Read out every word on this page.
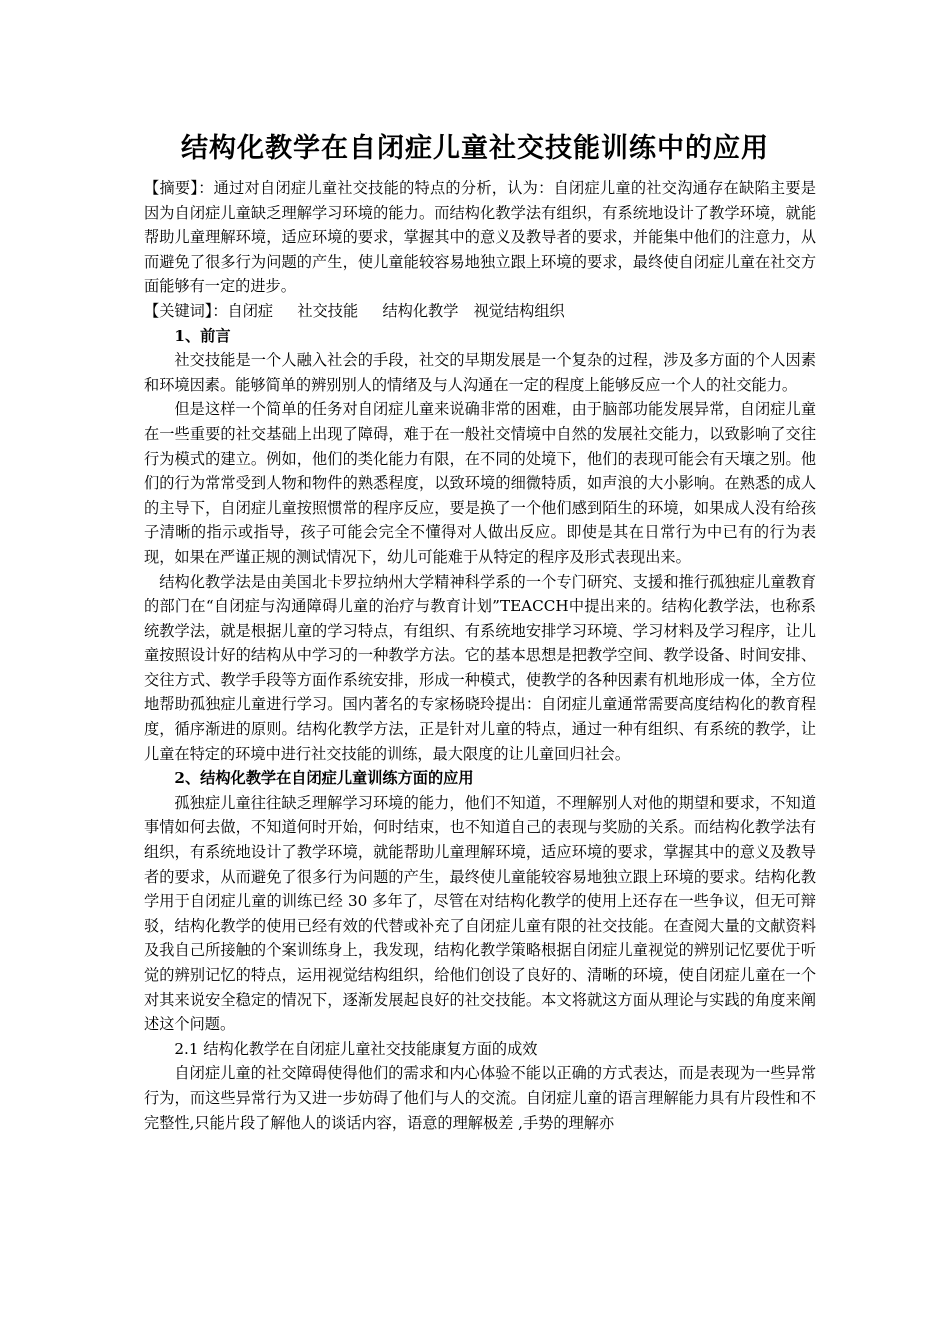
结构化教学在自闭症儿童社交技能训练中的应用

【摘要】：通过对自闭症儿童社交技能的特点的分析，认为：自闭症儿童的社交沟通存在缺陷主要是因为自闭症儿童缺乏理解学习环境的能力。而结构化教学法有组织，有系统地设计了教学环境，就能帮助儿童理解环境，适应环境的要求，掌握其中的意义及教导者的要求，并能集中他们的注意力，从而避免了很多行为问题的产生，使儿童能较容易地独立跟上环境的要求，最终使自闭症儿童在社交方面能够有一定的进步。

【关键词】：自闭症 社交技能 结构化教学 视觉结构组织

1、前言

社交技能是一个人融入社会的手段，社交的早期发展是一个复杂的过程，涉及多方面的个人因素和环境因素。能够简单的辨别别人的情绪及与人沟通在一定的程度上能够反应一个人的社交能力。

但是这样一个简单的任务对自闭症儿童来说确非常的困难，由于脑部功能发展异常，自闭症儿童在一些重要的社交基础上出现了障碍，难于在一般社交情境中自然的发展社交能力，以致影响了交往行为模式的建立。例如，他们的类化能力有限，在不同的处境下，他们的表现可能会有天壤之别。他们的行为常常受到人物和物件的熟悉程度，以致环境的细微特质，如声浪的大小影响。在熟悉的成人的主导下，自闭症儿童按照惯常的程序反应，要是换了一个他们感到陌生的环境，如果成人没有给孩子清晰的指示或指导，孩子可能会完全不懂得对人做出反应。即使是其在日常行为中已有的行为表现，如果在严谨正规的测试情况下，幼儿可能难于从特定的程序及形式表现出来。

结构化教学法是由美国北卡罗拉纳州大学精神科学系的一个专门研究、支援和推行孤独症儿童教育的部门在“自闭症与沟通障碍儿童的治疗与教育计划”TEACCH中提出来的。结构化教学法，也称系统教学法，就是根据儿童的学习特点，有组织、有系统地安排学习环境、学习材料及学习程序，让儿童按照设计好的结构从中学习的一种教学方法。它的基本思想是把教学空间、教学设备、时间安排、交往方式、教学手段等方面作系统安排，形成一种模式，使教学的各种因素有机地形成一体，全方位地帮助孤独症儿童进行学习。国内著名的专家杨晓玲提出：自闭症儿童通常需要高度结构化的教育程度，循序渐进的原则。结构化教学方法，正是针对儿童的特点，通过一种有组织、有系统的教学，让儿童在特定的环境中进行社交技能的训练，最大限度的让儿童回归社会。

2、结构化教学在自闭症儿童训练方面的应用

孤独症儿童往往缺乏理解学习环境的能力，他们不知道，不理解别人对他的期望和要求，不知道事情如何去做，不知道何时开始，何时结束，也不知道自己的表现与奖励的关系。而结构化教学法有组织，有系统地设计了教学环境，就能帮助儿童理解环境，适应环境的要求，掌握其中的意义及教导者的要求，从而避免了很多行为问题的产生，最终使儿童能较容易地独立跟上环境的要求。结构化教学用于自闭症儿童的训练已经 30 多年了，尽管在对结构化教学的使用上还存在一些争议，但无可辩驳，结构化教学的使用已经有效的代替或补充了自闭症儿童有限的社交技能。在查阅大量的文献资料及我自己所接触的个案训练身上，我发现，结构化教学策略根据自闭症儿童视觉的辨别记忆要优于听觉的辨别记忆的特点，运用视觉结构组织，给他们创设了良好的、清晰的环境，使自闭症儿童在一个对其来说安全稳定的情况下，逐渐发展起良好的社交技能。本文将就这方面从理论与实践的角度来阐述这个问题。

2.1 结构化教学在自闭症儿童社交技能康复方面的成效

自闭症儿童的社交障碍使得他们的需求和内心体验不能以正确的方式表达，而是表现为一些异常行为，而这些异常行为又进一步妨碍了他们与人的交流。自闭症儿童的语言理解能力具有片段性和不完整性,只能片段了解他人的谈话内容，语意的理解极差 ,手势的理解亦
